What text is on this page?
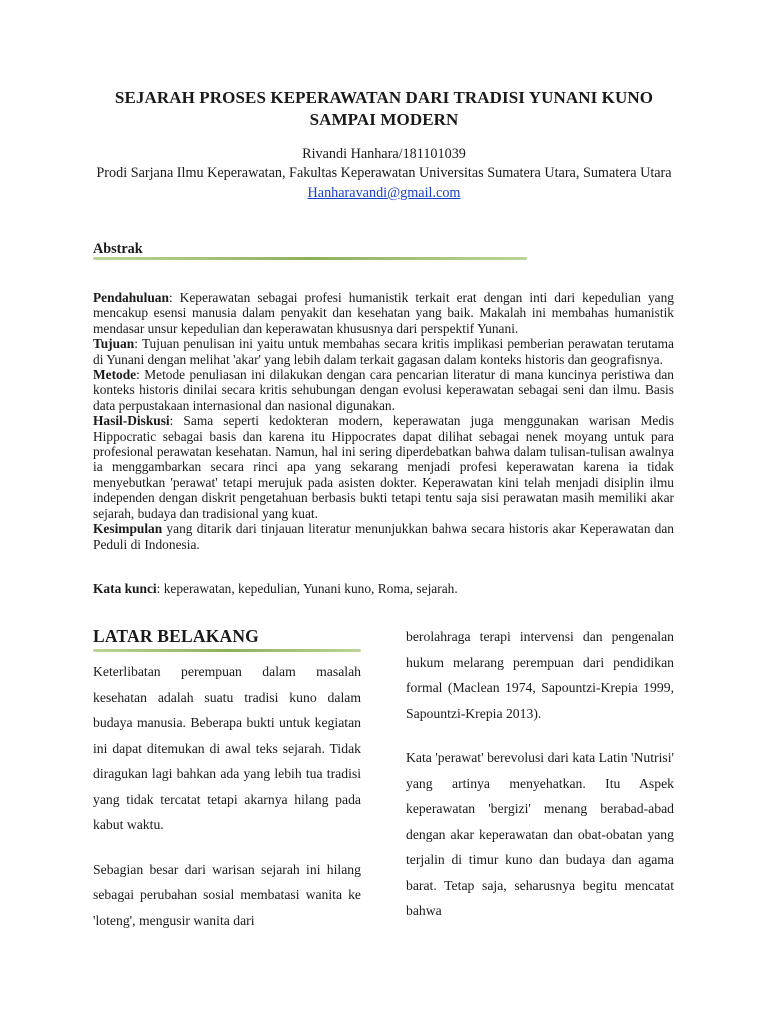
SEJARAH PROSES KEPERAWATAN DARI TRADISI YUNANI KUNO SAMPAI MODERN
Rivandi Hanhara/181101039
Prodi Sarjana Ilmu Keperawatan, Fakultas Keperawatan Universitas Sumatera Utara, Sumatera Utara
Hanharavandi@gmail.com
Abstrak

Pendahuluan: Keperawatan sebagai profesi humanistik terkait erat dengan inti dari kepedulian yang mencakup esensi manusia dalam penyakit dan kesehatan yang baik. Makalah ini membahas humanistik mendasar unsur kepedulian dan keperawatan khususnya dari perspektif Yunani.

Tujuan: Tujuan penulisan ini yaitu untuk membahas secara kritis implikasi pemberian perawatan terutama di Yunani dengan melihat 'akar' yang lebih dalam terkait gagasan dalam konteks historis dan geografisnya.

Metode: Metode penuliasan ini dilakukan dengan cara pencarian literatur di mana kuncinya peristiwa dan konteks historis dinilai secara kritis sehubungan dengan evolusi keperawatan sebagai seni dan ilmu. Basis data perpustakaan internasional dan nasional digunakan.

Hasil-Diskusi: Sama seperti kedokteran modern, keperawatan juga menggunakan warisan Medis Hippocratic sebagai basis dan karena itu Hippocrates dapat dilihat sebagai nenek moyang untuk para profesional perawatan kesehatan. Namun, hal ini sering diperdebatkan bahwa dalam tulisan-tulisan awalnya ia menggambarkan secara rinci apa yang sekarang menjadi profesi keperawatan karena ia tidak menyebutkan 'perawat' tetapi merujuk pada asisten dokter. Keperawatan kini telah menjadi disiplin ilmu independen dengan diskrit pengetahuan berbasis bukti tetapi tentu saja sisi perawatan masih memiliki akar sejarah, budaya dan tradisional yang kuat.

Kesimpulan yang ditarik dari tinjauan literatur menunjukkan bahwa secara historis akar Keperawatan dan Peduli di Indonesia.

Kata kunci: keperawatan, kepedulian, Yunani kuno, Roma, sejarah.
LATAR BELAKANG

Keterlibatan perempuan dalam masalah kesehatan adalah suatu tradisi kuno dalam budaya manusia. Beberapa bukti untuk kegiatan ini dapat ditemukan di awal teks sejarah. Tidak diragukan lagi bahkan ada yang lebih tua tradisi yang tidak tercatat tetapi akarnya hilang pada kabut waktu.

Sebagian besar dari warisan sejarah ini hilang sebagai perubahan sosial membatasi wanita ke 'loteng', mengusir wanita dari

berolahraga terapi intervensi dan pengenalan hukum melarang perempuan dari pendidikan formal (Maclean 1974, Sapountzi-Krepia 1999, Sapountzi-Krepia 2013).

Kata 'perawat' berevolusi dari kata Latin 'Nutrisi' yang artinya menyehatkan. Itu Aspek keperawatan 'bergizi' menang berabad-abad dengan akar keperawatan dan obat-obatan yang terjalin di timur kuno dan budaya dan agama barat. Tetap saja, seharusnya begitu mencatat bahwa
